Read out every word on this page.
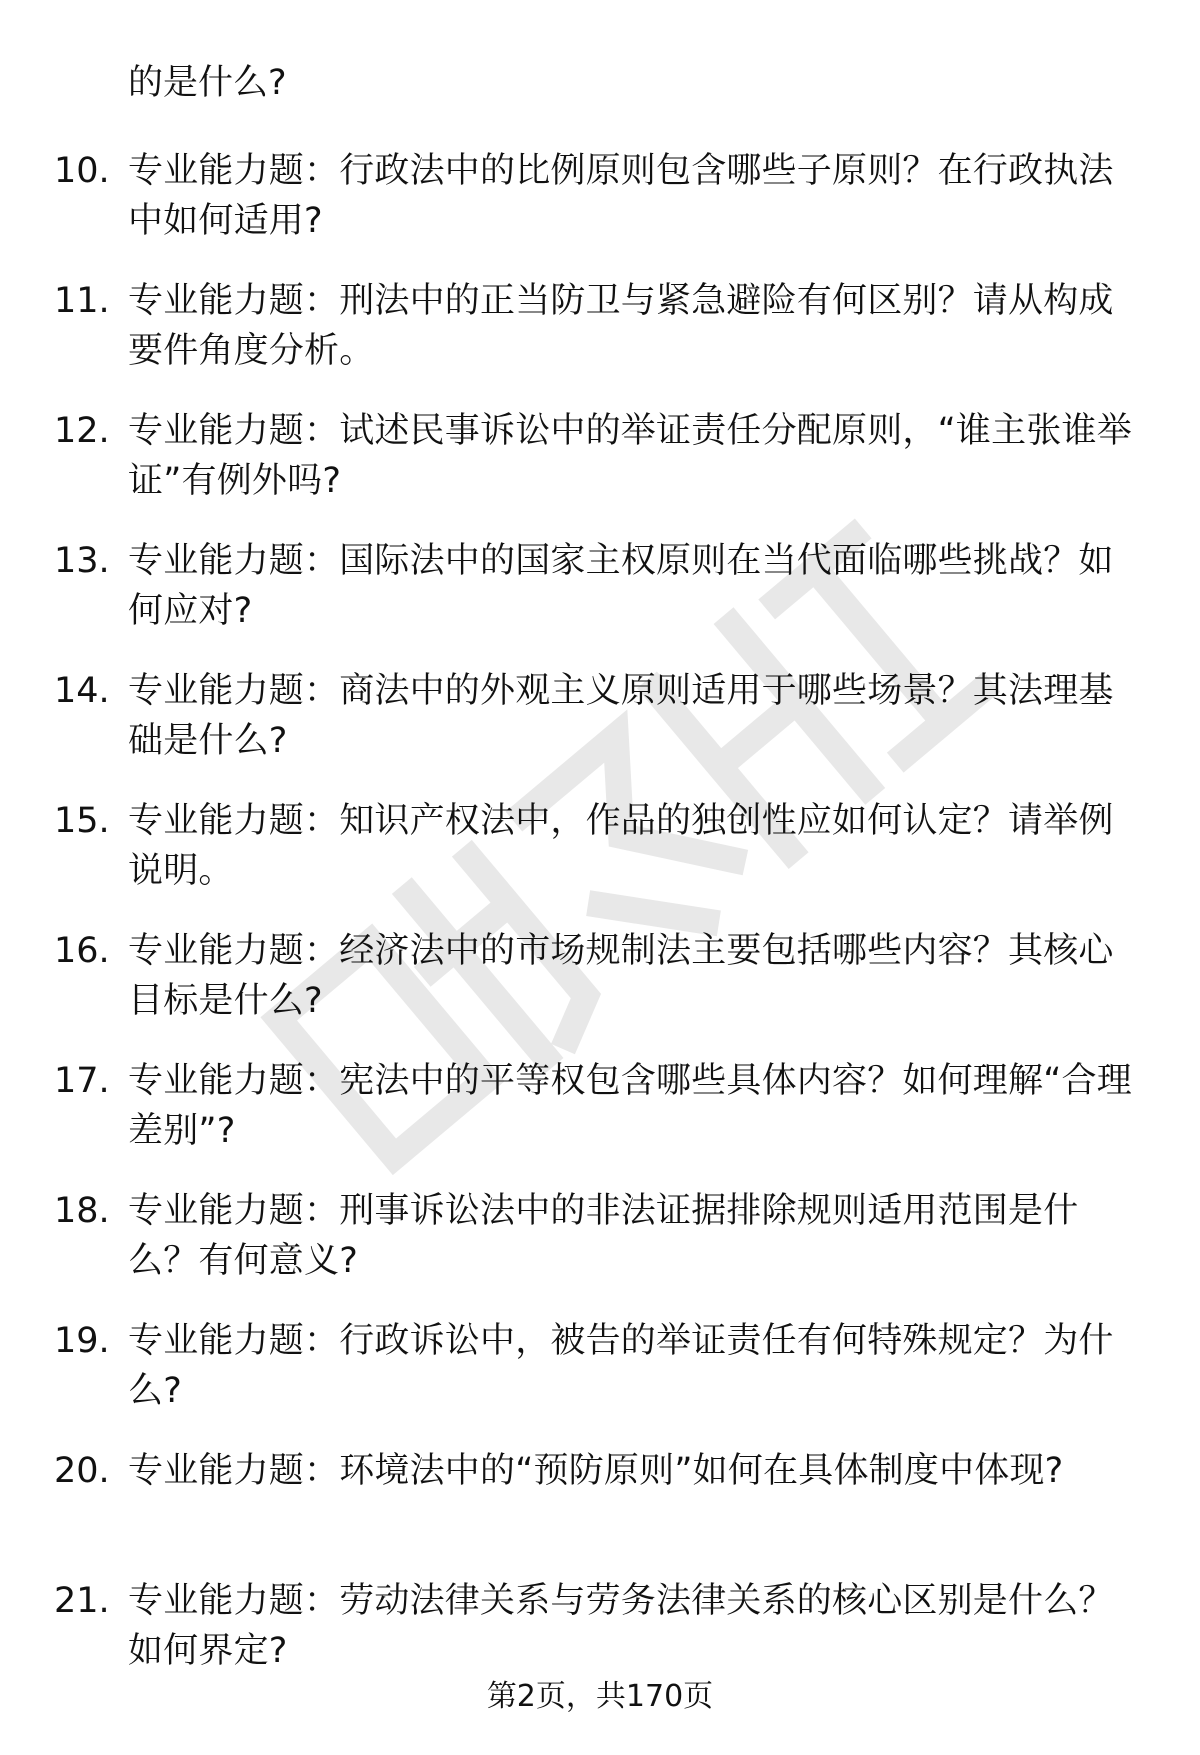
的是什么?
10. 专业能力题：行政法中的比例原则包含哪些子原则？在行政执法中如何适用?
11. 专业能力题：刑法中的正当防卫与紧急避险有何区别？请从构成要件角度分析。
12. 专业能力题：试述民事诉讼中的举证责任分配原则，“谁主张谁举证”有例外吗?
13. 专业能力题：国际法中的国家主权原则在当代面临哪些挑战？如何应对?
14. 专业能力题：商法中的外观主义原则适用于哪些场景？其法理基础是什么?
15. 专业能力题：知识产权法中，作品的独创性应如何认定？请举例说明。
16. 专业能力题：经济法中的市场规制法主要包括哪些内容？其核心目标是什么?
17. 专业能力题：宪法中的平等权包含哪些具体内容？如何理解“合理差别”?
18. 专业能力题：刑事诉讼法中的非法证据排除规则适用范围是什么？有何意义?
19. 专业能力题：行政诉讼中，被告的举证责任有何特殊规定？为什么?
20. 专业能力题：环境法中的“预防原则”如何在具体制度中体现?
21. 专业能力题：劳动法律关系与劳务法律关系的核心区别是什么？如何界定?
第2页，共170页
